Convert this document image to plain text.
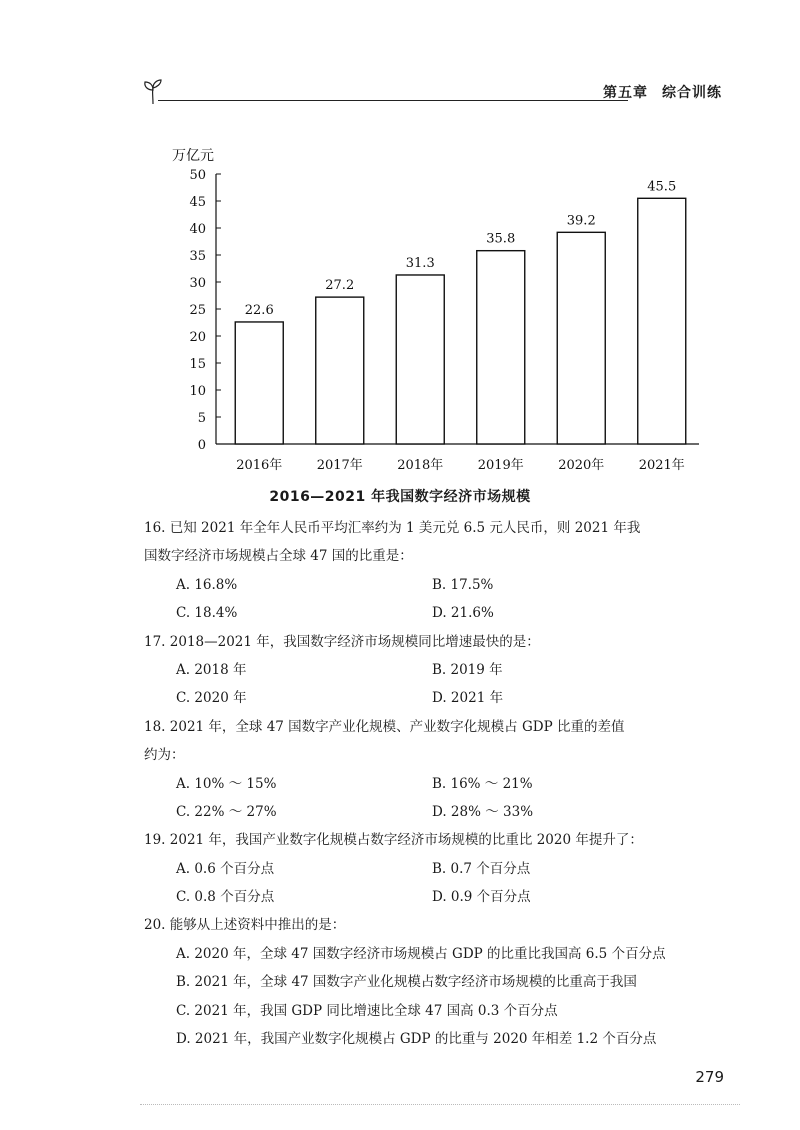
第五章 综合训练
万亿元
0
5
10
15
20
25
30
35
40
45
50
22.6
2016年
27.2
2017年
31.3
2018年
35.8
2019年
39.2
2020年
45.5
2021年
2016—2021 年我国数字经济市场规模
16. 已知 2021 年全年人民币平均汇率约为 1 美元兑 6.5 元人民币，则 2021 年我
国数字经济市场规模占全球 47 国的比重是：
A. 16.8%	B. 17.5%
C. 18.4%	D. 21.6%
17. 2018—2021 年，我国数字经济市场规模同比增速最快的是：
A. 2018 年	B. 2019 年
C. 2020 年	D. 2021 年
18. 2021 年，全球 47 国数字产业化规模、产业数字化规模占 GDP 比重的差值
约为：
A. 10% ～ 15%	B. 16% ～ 21%
C. 22% ～ 27%	D. 28% ～ 33%
19. 2021 年，我国产业数字化规模占数字经济市场规模的比重比 2020 年提升了：
A. 0.6 个百分点	B. 0.7 个百分点
C. 0.8 个百分点	D. 0.9 个百分点
20. 能够从上述资料中推出的是：
A. 2020 年，全球 47 国数字经济市场规模占 GDP 的比重比我国高 6.5 个百分点
B. 2021 年，全球 47 国数字产业化规模占数字经济市场规模的比重高于我国
C. 2021 年，我国 GDP 同比增速比全球 47 国高 0.3 个百分点
D. 2021 年，我国产业数字化规模占 GDP 的比重与 2020 年相差 1.2 个百分点
279
